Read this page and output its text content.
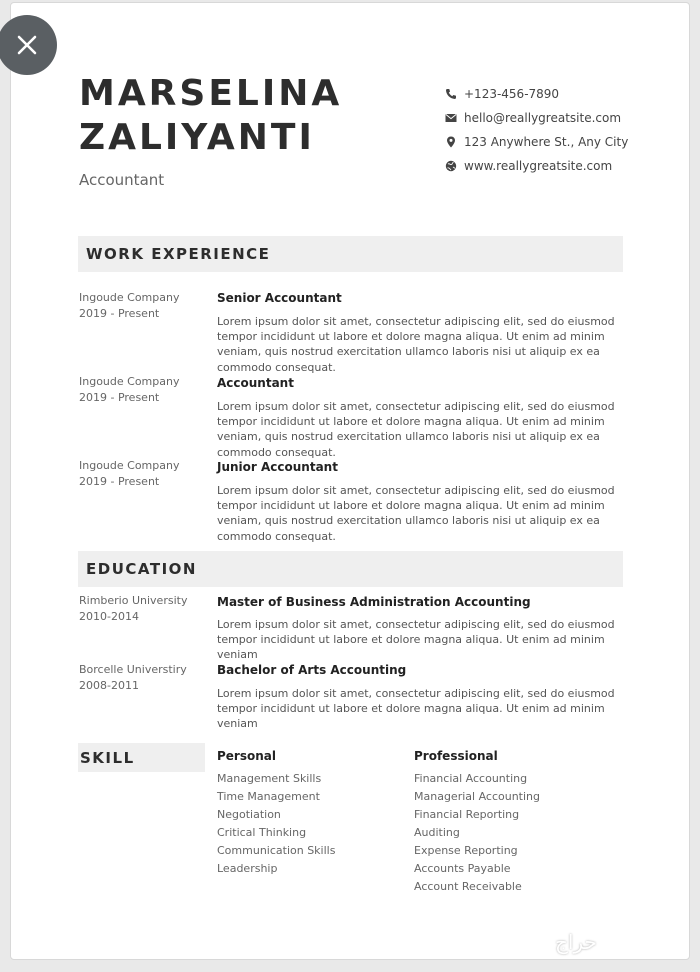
MARSELINA
ZALIYANTI
Accountant
+123-456-7890
hello@reallygreatsite.com
123 Anywhere St., Any City
www.reallygreatsite.com
WORK EXPERIENCE
Ingoude Company
2019 - Present
Senior Accountant
Lorem ipsum dolor sit amet, consectetur adipiscing elit, sed do eiusmod tempor incididunt ut labore et dolore magna aliqua. Ut enim ad minim veniam, quis nostrud exercitation ullamco laboris nisi ut aliquip ex ea commodo consequat.
Ingoude Company
2019 - Present
Accountant
Lorem ipsum dolor sit amet, consectetur adipiscing elit, sed do eiusmod tempor incididunt ut labore et dolore magna aliqua. Ut enim ad minim veniam, quis nostrud exercitation ullamco laboris nisi ut aliquip ex ea commodo consequat.
Ingoude Company
2019 - Present
Junior Accountant
Lorem ipsum dolor sit amet, consectetur adipiscing elit, sed do eiusmod tempor incididunt ut labore et dolore magna aliqua. Ut enim ad minim veniam, quis nostrud exercitation ullamco laboris nisi ut aliquip ex ea commodo consequat.
EDUCATION
Rimberio University
2010-2014
Master of Business Administration Accounting
Lorem ipsum dolor sit amet, consectetur adipiscing elit, sed do eiusmod tempor incididunt ut labore et dolore magna aliqua. Ut enim ad minim veniam
Borcelle Universtiry
2008-2011
Bachelor of Arts Accounting
Lorem ipsum dolor sit amet, consectetur adipiscing elit, sed do eiusmod tempor incididunt ut labore et dolore magna aliqua. Ut enim ad minim veniam
SKILL	Personal
Management Skills
Time Management
Negotiation
Critical Thinking
Communication Skills
Leadership
Professional
Financial Accounting
Managerial Accounting
Financial Reporting
Auditing
Expense Reporting
Accounts Payable
Account Receivable
حراج
